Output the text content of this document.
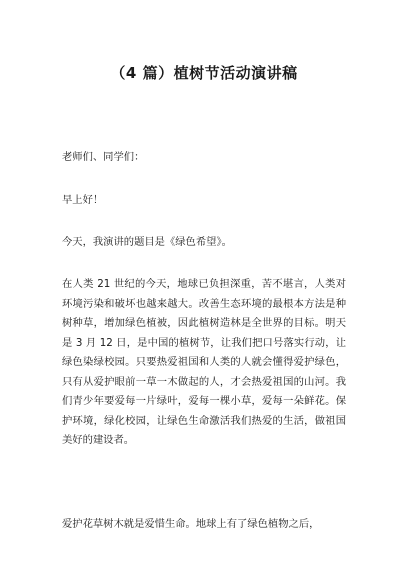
（4 篇）植树节活动演讲稿

老师们、同学们：

早上好！

今天，我演讲的题目是《绿色希望》。

在人类 21 世纪的今天，地球已负担深重，苦不堪言，人类对环境污染和破坏也越来越大。改善生态环境的最根本方法是种树种草，增加绿色植被，因此植树造林是全世界的目标。明天是 3 月 12 日，是中国的植树节，让我们把口号落实行动，让绿色染绿校园。只要热爱祖国和人类的人就会懂得爱护绿色，只有从爱护眼前一草一木做起的人，才会热爱祖国的山河。我们青少年要爱每一片绿叶，爱每一棵小草，爱每一朵鲜花。保护环境，绿化校园，让绿色生命激活我们热爱的生活，做祖国美好的建设者。

爱护花草树木就是爱惜生命。地球上有了绿色植物之后，
